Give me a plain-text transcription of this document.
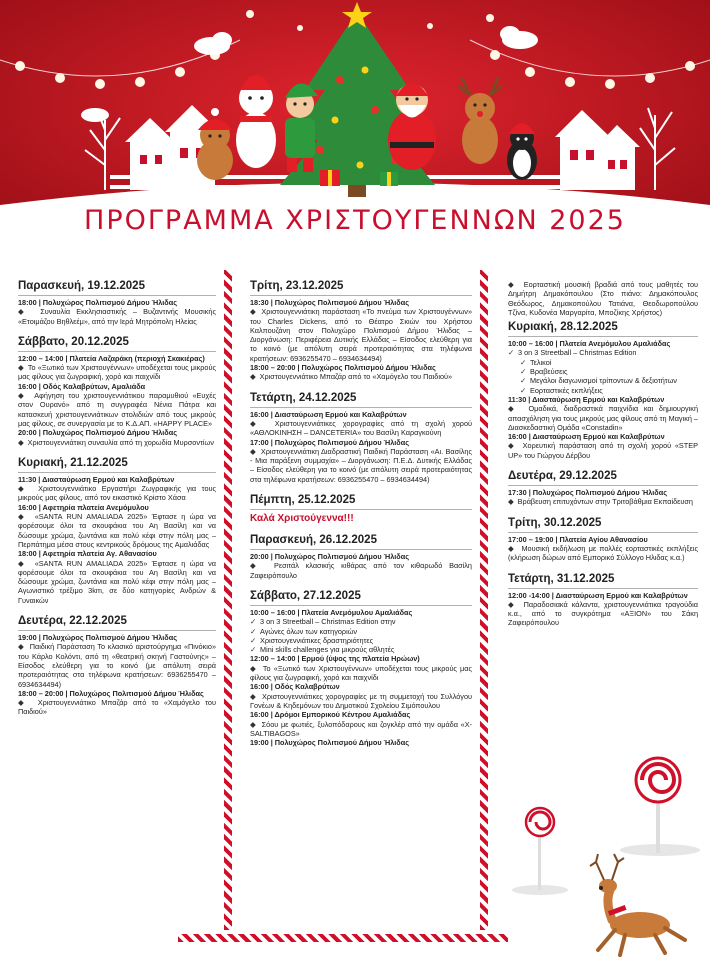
ΠΡΟΓΡΑΜΜΑ ΧΡΙΣΤΟΥΓΕΝΝΩΝ 2025
Παρασκευή, 19.12.2025
18:00 | Πολυχώρος Πολιτισμού Δήμου Ήλιδας
◆  Συναυλία Εκκλησιαστικής – Βυζαντινής Μουσικής «Ετοιμάζου Βηθλεέμ», από την Ιερά Μητρόπολη Ηλείας
Σάββατο, 20.12.2025
12:00 – 14:00 | Πλατεία Λαζαράκη (περιοχή Σκακιέρας)
◆  Το «Ξωτικό των Χριστουγέννων» υποδέχεται τους μικρούς μας φίλους για ζωγραφική, χορό και παιχνίδι
16:00 | Οδός Καλαβρύτων, Αμαλιάδα
◆  Αφήγηση του χριστουγεννιάτικου παραμυθιού «Ευχές στον Ουρανό» από τη συγγραφέα Νένια Πάτρα και κατασκευή χριστουγεννιάτικων στολιδιών από τους μικρούς μας φίλους, σε συνεργασία με το Κ.Δ.ΑΠ. «HAPPY PLACE»
20:00 | Πολυχώρος Πολιτισμού Δήμου Ήλιδας
◆  Χριστουγεννιάτικη συναυλία από τη χορωδία Μυρσοντίων
Κυριακή, 21.12.2025
11:30 | Διασταύρωση Ερμού και Καλαβρύτων
◆  Χριστουγεννιάτικο Εργαστήρι Ζωγραφικής για τους μικρούς μας φίλους, από τον εικαστικό Κρίστο Χάσα
16:00 | Αφετηρία πλατεία Ανεμόμυλου
◆  «SANTA RUN AMALIADA 2025» Έφτασε η ώρα να φορέσουμε όλοι τα σκουφάκια του Αη Βασίλη και να δώσουμε χρώμα, ζωντάνια και πολύ κέφι στην πόλη μας – Περπάτημα μέσα στους κεντρικούς δρόμους της Αμαλιάδας
18:00 | Αφετηρία πλατεία Αγ. Αθανασίου
◆  «SANTA RUN AMALIADA 2025» Έφτασε η ώρα να φορέσουμε όλοι τα σκουφάκια του Αη Βασίλη και να δώσουμε χρώμα, ζωντάνια και πολύ κέφι στην πόλη μας – Αγωνιστικό τρέξιμο 3km, σε δύο κατηγορίες Ανδρών & Γυναικών
Δευτέρα, 22.12.2025
19:00 | Πολυχώρος Πολιτισμού Δήμου Ήλιδας
◆  Παιδική Παράσταση Το κλασικό αριστούργημα «Πινόκιο» του Κάρλο Κολόντι, από τη «θεατρική σκηνή Γαστούνης» – Είσοδος ελεύθερη για το κοινό (με απόλυτη σειρά προτεραιότητας στα τηλέφωνα κρατήσεων: 6936255470 – 6934634494)
18:00 – 20:00 | Πολυχώρος Πολιτισμού Δήμου Ήλιδας
◆  Χριστουγεννιάτικο Μπαζάρ από το «Χαμόγελο του Παιδιού»
Τρίτη, 23.12.2025
18:30 | Πολυχώρος Πολιτισμού Δήμου Ήλιδας
◆  Χριστουγεννιάτικη παράσταση «Το πνεύμα των Χριστουγέννων» του Charles Dickens, από το Θέατρο Σκιών του Χρήστου Καλπουζάνη στον Πολυχώρο Πολιτισμού Δήμου Ήλιδας – Διοργάνωση: Περιφέρεια Δυτικής Ελλάδας – Είσοδος ελεύθερη για το κοινό (με απόλυτη σειρά προτεραιότητας στα τηλέφωνα κρατήσεων: 6936255470 – 6934634494)
18:00 – 20:00 | Πολυχώρος Πολιτισμού Δήμου Ήλιδας
◆  Χριστουγεννιάτικο Μπαζάρ από το «Χαμόγελο του Παιδιού»
Τετάρτη, 24.12.2025
16:00 | Διασταύρωση Ερμού και Καλαβρύτων
◆  Χριστουγεννιάτικες χορογραφίες από τη σχολή χορού «ΑΘΛΟΚΙΝΗΣΗ – DANCETERIA» του Βασίλη Καραγκούνη
17:00 | Πολυχώρος Πολιτισμού Δήμου Ήλιδας
◆  Χριστουγεννιάτικη Διαδραστική Παιδική Παράσταση «Αι. Βασίλης - Μια παράξενη συμμαχία» – Διοργάνωση: Π.Ε.Δ. Δυτικής Ελλάδας – Είσοδος ελεύθερη για το κοινό (με απόλυτη σειρά προτεραιότητας στα τηλέφωνα κρατήσεων: 6936255470 – 6934634494)
Πέμπτη, 25.12.2025
Καλά Χριστούγεννα!!!
Παρασκευή, 26.12.2025
20:00 | Πολυχώρος Πολιτισμού Δήμου Ήλιδας
◆  Ρεσιτάλ κλασικής κιθάρας από τον κιθαρωδό Βασίλη Ζαφειρόπουλο
Σάββατο, 27.12.2025
10:00 – 16:00 | Πλατεία Ανεμόμυλου Αμαλιάδας
✓ 3 on 3 Streetball – Christmas Edition στην
✓ Αγώνες όλων των κατηγοριών
✓ Χριστουγεννιάτικες δραστηριότητες
✓ Mini skills challenges για μικρούς αθλητές
12:00 – 14:00 | Ερμού (ύψος της πλατεία Ηρώων)
◆  Το «Ξωτικό των Χριστουγέννων» υποδέχεται τους μικρούς μας φίλους για ζωγραφική, χορό και παιχνίδι
16:00 | Οδός Καλαβρύτων
◆  Χριστουγεννιάτικες χορογραφίες με τη συμμετοχή του Συλλόγου Γονέων & Κηδεμόνων του Δημοτικού Σχολείου Σιμόπουλου
16:00 | Δρόμοι Εμπορικού Κέντρου Αμαλιάδας
◆  Σόου με φωτιές, ξυλοπόδαρους και ζογκλέρ από την ομάδα «X- SALTIBAGOS»
19:00 | Πολυχώρος Πολιτισμού Δήμου Ήλιδας
◆  Εορταστική μουσική βραδιά από τους μαθητές του Δημήτρη Δημακόπουλου (Στο πιάνο: Δημακόπουλος Θεόδωρος, Δημακοπούλου Τατιάνα, Θεοδωροπούλου Τζίνα, Κυδονέα Μαργαρίτα, Μποζίκης Χρήστος)
Κυριακή, 28.12.2025
10:00 – 16:00 | Πλατεία Ανεμόμυλου Αμαλιάδας
✓ 3 on 3 Streetball – Christmas Edition
✓ Τελικοί
✓ Βραβεύσεις
✓ Μεγάλοι διαγωνισμοί τρίποντων & δεξιοτήτων
✓ Εορταστικές εκπλήξεις
11:30 | Διασταύρωση Ερμού και Καλαβρύτων
◆  Ομαδικά, διαδραστικά παιχνίδια και δημιουργική απασχόληση για τους μικρούς μας φίλους από τη Μαγική – Διασκεδαστική Ομάδα «Constadin»
16:00 | Διασταύρωση Ερμού και Καλαβρύτων
◆  Χορευτική παράσταση από τη σχολή χορού «STEP UP» του Γιώργου Δέρβου
Δευτέρα, 29.12.2025
17:30 | Πολυχώρος Πολιτισμού Δήμου Ήλιδας
◆  Βράβευση επιτυχόντων στην Τριτοβάθμια Εκπαίδευση
Τρίτη, 30.12.2025
17:00 – 19:00 | Πλατεία Αγίου Αθανασίου
◆  Μουσική εκδήλωση με πολλές εορταστικές εκπλήξεις (κλήρωση δώρων από Εμπορικό Σύλλογο Ηλιδας κ.α.)
Τετάρτη, 31.12.2025
12:00 -14:00 | Διασταύρωση Ερμού και Καλαβρύτων
◆  Παραδοσιακά κάλαντα, χριστουγεννιάτικα τραγούδια κ.α., από το συγκρότημα «ΑΞΙΟΝ» του Σάκη Ζαφειρόπουλου
